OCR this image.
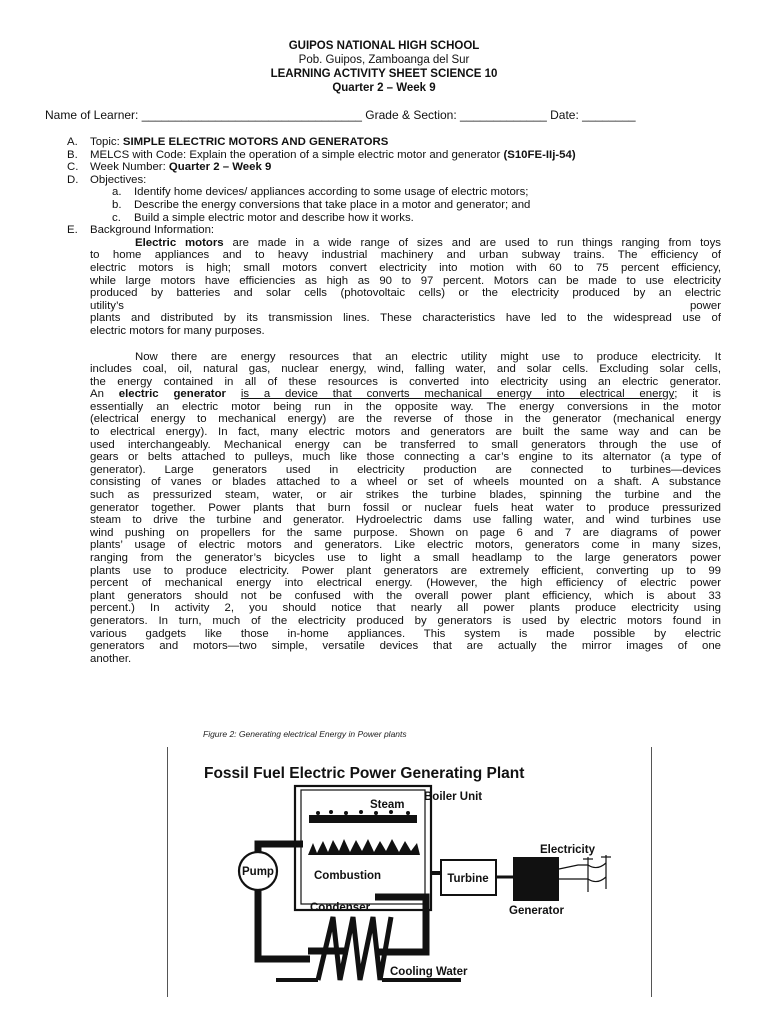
GUIPOS NATIONAL HIGH SCHOOL
Pob. Guipos, Zamboanga del Sur
LEARNING ACTIVITY SHEET SCIENCE 10
Quarter 2 – Week 9
Name of Learner: _________________________________ Grade & Section: _____________ Date: ________
A.	Topic: SIMPLE ELECTRIC MOTORS AND GENERATORS
B.	MELCS with Code: Explain the operation of a simple electric motor and generator (S10FE-IIj-54)
C.	Week Number: Quarter 2 – Week 9
D.	Objectives:
a.	Identify home devices/ appliances according to some usage of electric motors;
b.	Describe the energy conversions that take place in a motor and generator; and
c.	Build a simple electric motor and describe how it works.
E.	Background Information:
Electric motors are made in a wide range of sizes and are used to run things ranging from toys
to home appliances and to heavy industrial machinery and urban subway trains. The efficiency of
electric motors is high; small motors convert electricity into motion with 60 to 75 percent efficiency,
while large motors have efficiencies as high as 90 to 97 percent. Motors can be made to use electricity
produced by batteries and solar cells (photovoltaic cells) or the electricity produced by an electric
utility’s	power
plants and distributed by its transmission lines. These characteristics have led to the widespread use of
electric motors for many purposes.
Now there are energy resources that an electric utility might use to produce electricity. It
includes coal, oil, natural gas, nuclear energy, wind, falling water, and solar cells. Excluding solar cells,
the energy contained in all of these resources is converted into electricity using an electric generator.
An electric generator is a device that converts mechanical energy into electrical energy; it is
essentially an electric motor being run in the opposite way. The energy conversions in the motor
(electrical energy to mechanical energy) are the reverse of those in the generator (mechanical energy
to electrical energy). In fact, many electric motors and generators are built the same way and can be
used interchangeably. Mechanical energy can be transferred to small generators through the use of
gears or belts attached to pulleys, much like those connecting a car’s engine to its alternator (a type of
generator). Large generators used in electricity production are connected to turbines—devices
consisting of vanes or blades attached to a wheel or set of wheels mounted on a shaft. A substance
such as pressurized steam, water, or air strikes the turbine blades, spinning the turbine and the
generator together. Power plants that burn fossil or nuclear fuels heat water to produce pressurized
steam to drive the turbine and generator. Hydroelectric dams use falling water, and wind turbines use
wind pushing on propellers for the same purpose. Shown on page 6 and 7 are diagrams of power
plants’ usage of electric motors and generators. Like electric motors, generators come in many sizes,
ranging from the generator’s bicycles use to light a small headlamp to the large generators power
plants use to produce electricity. Power plant generators are extremely efficient, converting up to 99
percent of mechanical energy into electrical energy. (However, the high efficiency of electric power
plant generators should not be confused with the overall power plant efficiency, which is about 33
percent.) In activity 2, you should notice that nearly all power plants produce electricity using
generators. In turn, much of the electricity produced by generators is used by electric motors found in
various gadgets like those in-home appliances. This system is made possible by electric
generators and motors—two simple, versatile devices that are actually the mirror images of one
another.
Figure 2: Generating electrical Energy in Power plants
Fossil Fuel Electric Power Generating Plant
Steam
Combustion
Boiler Unit
Pump
Turbine
Generator
Electricity
Condenser
Cooling Water
